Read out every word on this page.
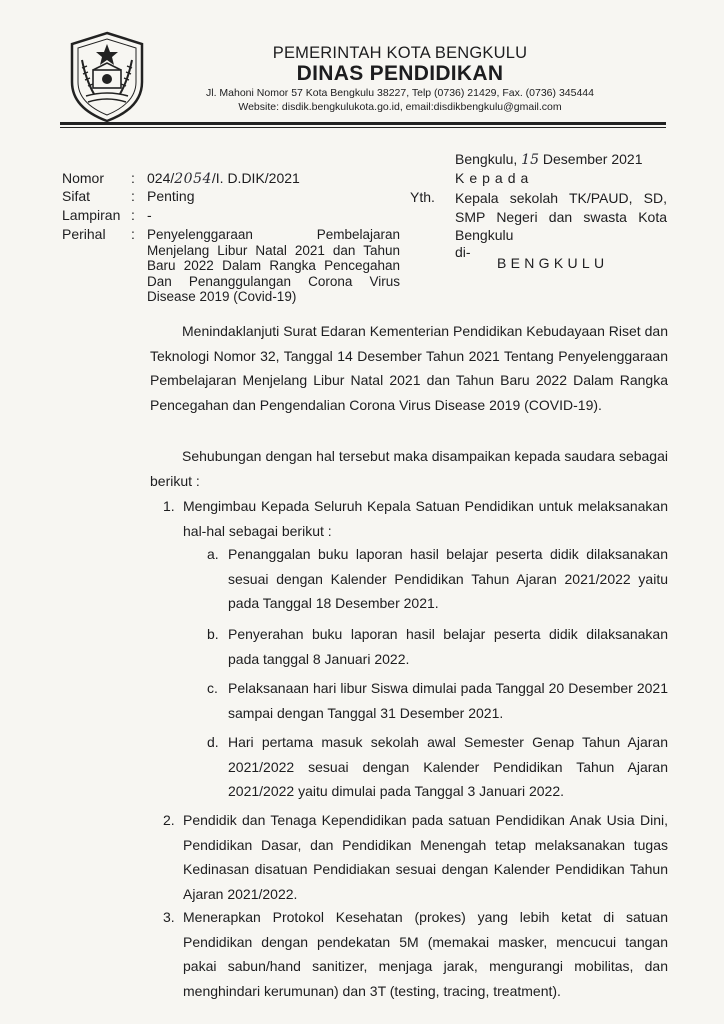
PEMERINTAH KOTA BENGKULU
DINAS PENDIDIKAN
Jl. Mahoni Nomor 57 Kota Bengkulu 38227, Telp (0736) 21429, Fax. (0736) 345444
Website: disdik.bengkulukota.go.id, email:disdikbengkulu@gmail.com
Nomor
Sifat
Lampiran
Perihal
:
:
:
:
024/2054/I. D.DIK/2021
Penting
-
Penyelenggaraan Pembelajaran Menjelang Libur Natal 2021 dan Tahun Baru 2022 Dalam Rangka Pencegahan Dan Penanggulangan Corona Virus Disease 2019 (Covid-19)
Bengkulu, 15 Desember 2021
Kepada
Yth. Kepala sekolah TK/PAUD, SD, SMP Negeri dan swasta Kota Bengkulu
di-
BENGKULU
Menindaklanjuti Surat Edaran Kementerian Pendidikan Kebudayaan Riset dan Teknologi Nomor 32, Tanggal 14 Desember Tahun 2021 Tentang Penyelenggaraan Pembelajaran Menjelang Libur Natal 2021 dan Tahun Baru 2022 Dalam Rangka Pencegahan dan Pengendalian Corona Virus Disease 2019 (COVID-19).
Sehubungan dengan hal tersebut maka disampaikan kepada saudara sebagai berikut :
1. Mengimbau Kepada Seluruh Kepala Satuan Pendidikan untuk melaksanakan hal-hal sebagai berikut :
a. Penanggalan buku laporan hasil belajar peserta didik dilaksanakan sesuai dengan Kalender Pendidikan Tahun Ajaran 2021/2022 yaitu pada Tanggal 18 Desember 2021.
b. Penyerahan buku laporan hasil belajar peserta didik dilaksanakan pada tanggal 8 Januari 2022.
c. Pelaksanaan hari libur Siswa dimulai pada Tanggal 20 Desember 2021 sampai dengan Tanggal 31 Desember 2021.
d. Hari pertama masuk sekolah awal Semester Genap Tahun Ajaran 2021/2022 sesuai dengan Kalender Pendidikan Tahun Ajaran 2021/2022 yaitu dimulai pada Tanggal 3 Januari 2022.
2. Pendidik dan Tenaga Kependidikan pada satuan Pendidikan Anak Usia Dini, Pendidikan Dasar, dan Pendidikan Menengah tetap melaksanakan tugas Kedinasan disatuan Pendidiakan sesuai dengan Kalender Pendidikan Tahun Ajaran 2021/2022.
3. Menerapkan Protokol Kesehatan (prokes) yang lebih ketat di satuan Pendidikan dengan pendekatan 5M (memakai masker, mencucui tangan pakai sabun/hand sanitizer, menjaga jarak, mengurangi mobilitas, dan menghindari kerumunan) dan 3T (testing, tracing, treatment).
